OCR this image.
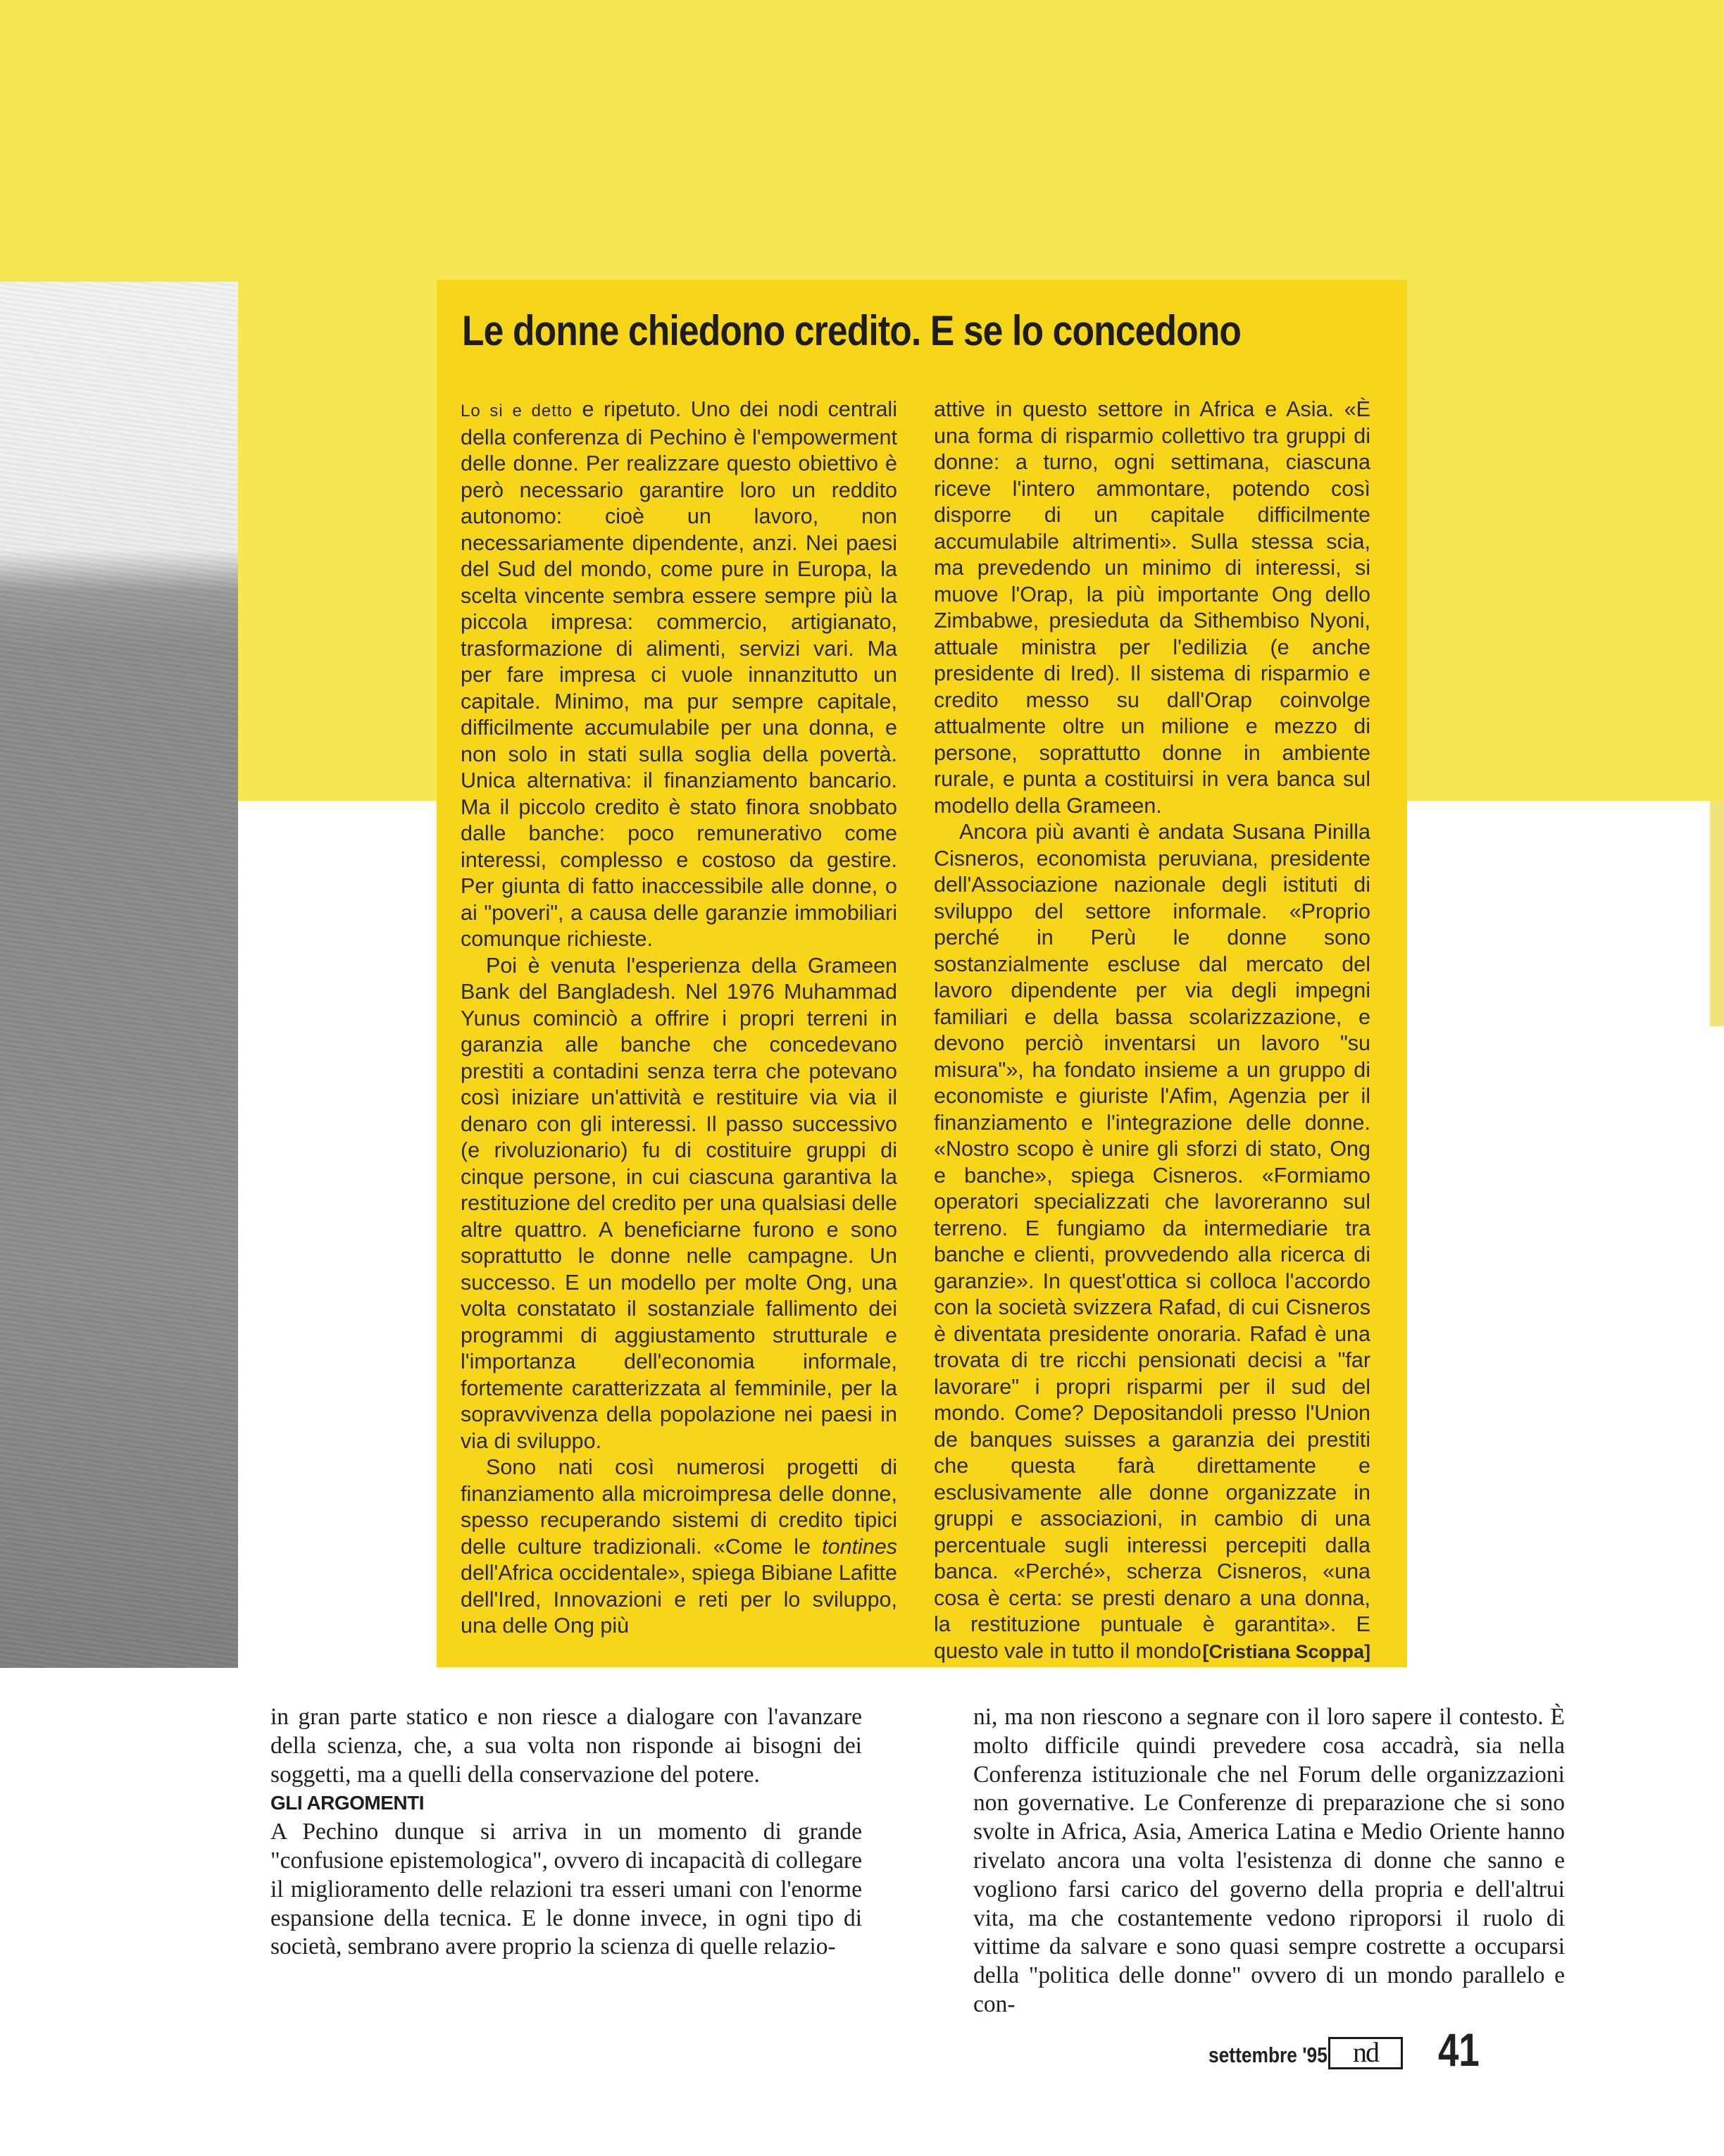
Le donne chiedono credito. E se lo concedono

Lo si e detto e ripetuto. Uno dei nodi centrali della conferenza di Pechino è l'empowerment delle donne. Per realizzare questo obiettivo è però necessario garantire loro un reddito autonomo: cioè un lavoro, non necessariamente dipendente, anzi. Nei paesi del Sud del mondo, come pure in Europa, la scelta vincente sembra essere sempre più la piccola impresa: commercio, artigianato, trasformazione di alimenti, servizi vari. Ma per fare impresa ci vuole innanzitutto un capitale. Minimo, ma pur sempre capitale, difficilmente accumulabile per una donna, e non solo in stati sulla soglia della povertà. Unica alternativa: il finanziamento bancario. Ma il piccolo credito è stato finora snobbato dalle banche: poco remunerativo come interessi, complesso e costoso da gestire. Per giunta di fatto inaccessibile alle donne, o ai "poveri", a causa delle garanzie immobiliari comunque richieste.

Poi è venuta l'esperienza della Grameen Bank del Bangladesh. Nel 1976 Muhammad Yunus cominciò a offrire i propri terreni in garanzia alle banche che concedevano prestiti a contadini senza terra che potevano così iniziare un'attività e restituire via via il denaro con gli interessi. Il passo successivo (e rivoluzionario) fu di costituire gruppi di cinque persone, in cui ciascuna garantiva la restituzione del credito per una qualsiasi delle altre quattro. A beneficiarne furono e sono soprattutto le donne nelle campagne. Un successo. E un modello per molte Ong, una volta constatato il sostanziale fallimento dei programmi di aggiustamento strutturale e l'importanza dell'economia informale, fortemente caratterizzata al femminile, per la sopravvivenza della popolazione nei paesi in via di sviluppo.

Sono nati così numerosi progetti di finanziamento alla microimpresa delle donne, spesso recuperando sistemi di credito tipici delle culture tradizionali. «Come le tontines dell'Africa occidentale», spiega Bibiane Lafitte dell'Ired, Innovazioni e reti per lo sviluppo, una delle Ong più

attive in questo settore in Africa e Asia. «È una forma di risparmio collettivo tra gruppi di donne: a turno, ogni settimana, ciascuna riceve l'intero ammontare, potendo così disporre di un capitale difficilmente accumulabile altrimenti». Sulla stessa scia, ma prevedendo un minimo di interessi, si muove l'Orap, la più importante Ong dello Zimbabwe, presieduta da Sithembiso Nyoni, attuale ministra per l'edilizia (e anche presidente di Ired). Il sistema di risparmio e credito messo su dall'Orap coinvolge attualmente oltre un milione e mezzo di persone, soprattutto donne in ambiente rurale, e punta a costituirsi in vera banca sul modello della Grameen.

Ancora più avanti è andata Susana Pinilla Cisneros, economista peruviana, presidente dell'Associazione nazionale degli istituti di sviluppo del settore informale. «Proprio perché in Perù le donne sono sostanzialmente escluse dal mercato del lavoro dipendente per via degli impegni familiari e della bassa scolarizzazione, e devono perciò inventarsi un lavoro "su misura"», ha fondato insieme a un gruppo di economiste e giuriste l'Afim, Agenzia per il finanziamento e l'integrazione delle donne. «Nostro scopo è unire gli sforzi di stato, Ong e banche», spiega Cisneros. «Formiamo operatori specializzati che lavoreranno sul terreno. E fungiamo da intermediarie tra banche e clienti, provvedendo alla ricerca di garanzie». In quest'ottica si colloca l'accordo con la società svizzera Rafad, di cui Cisneros è diventata presidente onoraria. Rafad è una trovata di tre ricchi pensionati decisi a "far lavorare" i propri risparmi per il sud del mondo. Come? Depositandoli presso l'Union de banques suisses a garanzia dei prestiti che questa farà direttamente e esclusivamente alle donne organizzate in gruppi e associazioni, in cambio di una percentuale sugli interessi percepiti dalla banca. «Perché», scherza Cisneros, «una cosa è certa: se presti denaro a una donna, la restituzione puntuale è garantita». E questo vale in tutto il mondo.

[Cristiana Scoppa]

in gran parte statico e non riesce a dialogare con l'avanzare della scienza, che, a sua volta non risponde ai bisogni dei soggetti, ma a quelli della conservazione del potere.

GLI ARGOMENTI

A Pechino dunque si arriva in un momento di grande "confusione epistemologica", ovvero di incapacità di collegare il miglioramento delle relazioni tra esseri umani con l'enorme espansione della tecnica. E le donne invece, in ogni tipo di società, sembrano avere proprio la scienza di quelle relazio-

ni, ma non riescono a segnare con il loro sapere il contesto. È molto difficile quindi prevedere cosa accadrà, sia nella Conferenza istituzionale che nel Forum delle organizzazioni non governative. Le Conferenze di preparazione che si sono svolte in Africa, Asia, America Latina e Medio Oriente hanno rivelato ancora una volta l'esistenza di donne che sanno e vogliono farsi carico del governo della propria e dell'altrui vita, ma che costantemente vedono riproporsi il ruolo di vittime da salvare e sono quasi sempre costrette a occuparsi della "politica delle donne" ovvero di un mondo parallelo e con-

settembre '95 nd	41
